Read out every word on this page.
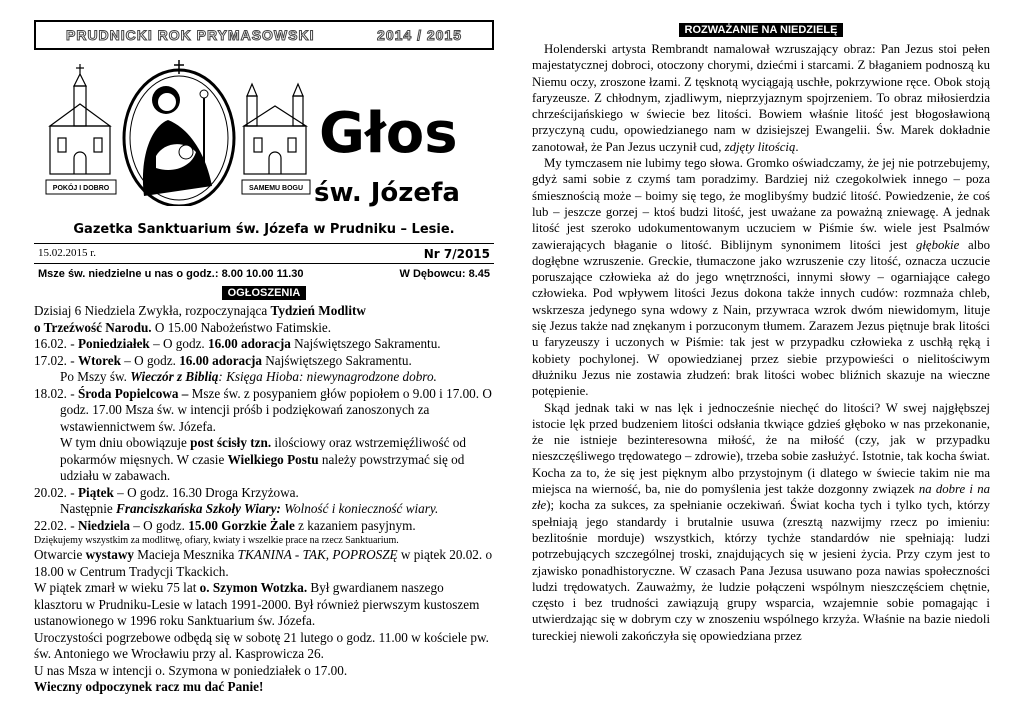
PRUDNICKI ROK PRYMASOWSKI	2014 / 2015
POKÓJ I DOBRO	SAMEMU BOGU
Głos
św. Józefa
Gazetka Sanktuarium św. Józefa w Prudniku – Lesie.
15.02.2015 r.	Nr 7/2015
Msze św. niedzielne u nas o godz.: 8.00 10.00 11.30	W Dębowcu: 8.45
OGŁOSZENIA

Dzisiaj 6 Niedziela Zwykła, rozpoczynająca Tydzień Modlitw
o Trzeźwość Narodu. O 15.00 Nabożeństwo Fatimskie.

16.02. - Poniedziałek – O godz. 16.00 adoracja Najświętszego Sakramentu.

17.02. - Wtorek – O godz. 16.00 adoracja Najświętszego Sakramentu.

Po Mszy św. Wieczór z Biblią: Księga Hioba: niewynagrodzone dobro.

18.02. - Środa Popielcowa – Msze św. z posypaniem głów popiołem o 9.00 i 17.00. O godz. 17.00 Msza św. w intencji próśb i podziękowań zanoszonych za wstawiennictwem św. Józefa.

W tym dniu obowiązuje post ścisły tzn. ilościowy oraz wstrzemięźliwość od pokarmów mięsnych. W czasie Wielkiego Postu należy powstrzymać się od udziału w zabawach.

20.02. - Piątek – O godz. 16.30 Droga Krzyżowa.

Następnie Franciszkańska Szkoły Wiary: Wolność i konieczność wiary.

22.02. - Niedziela – O godz. 15.00 Gorzkie Żale z kazaniem pasyjnym.

Dziękujemy wszystkim za modlitwę, ofiary, kwiaty i wszelkie prace na rzecz Sanktuarium.

Otwarcie wystawy Macieja Mesznika TKANINA - TAK, POPROSZĘ w piątek 20.02. o 18.00 w Centrum Tradycji Tkackich.

W piątek zmarł w wieku 75 lat o. Szymon Wotzka. Był gwardianem naszego klasztoru w Prudniku-Lesie w latach 1991-2000. Był również pierwszym kustoszem ustanowionego w 1996 roku Sanktuarium św. Józefa.

Uroczystości pogrzebowe odbędą się w sobotę 21 lutego o godz. 11.00 w kościele pw. św. Antoniego we Wrocławiu przy al. Kasprowicza 26.

U nas Msza w intencji o. Szymona w poniedziałek o 17.00.

Wieczny odpoczynek racz mu dać Panie!

ROZWAŻANIE NA NIEDZIELĘ

Holenderski artysta Rembrandt namalował wzruszający obraz: Pan Jezus stoi pełen majestatycznej dobroci, otoczony chorymi, dziećmi i starcami. Z błaganiem podnoszą ku Niemu oczy, zroszone łzami. Z tęsknotą wyciągają uschłe, pokrzywione ręce. Obok stoją faryzeusze. Z chłodnym, zjadliwym, nieprzyjaznym spojrzeniem. To obraz miłosierdzia chrześcijańskiego w świecie bez litości. Bowiem właśnie litość jest błogosławioną przyczyną cudu, opowiedzianego nam w dzisiejszej Ewangelii. Św. Marek dokładnie zanotował, że Pan Jezus uczynił cud, zdjęty litością.

My tymczasem nie lubimy tego słowa. Gromko oświadczamy, że jej nie potrzebujemy, gdyż sami sobie z czymś tam poradzimy. Bardziej niż czegokolwiek innego – poza śmiesznością może – boimy się tego, że moglibyśmy budzić litość. Powiedzenie, że coś lub – jeszcze gorzej – ktoś budzi litość, jest uważane za poważną zniewagę. A jednak litość jest szeroko udokumentowanym uczuciem w Piśmie św. wiele jest Psalmów zawierających błaganie o litość. Biblijnym synonimem litości jest głębokie albo dogłębne wzruszenie. Greckie, tłumaczone jako wzruszenie czy litość, oznacza uczucie poruszające człowieka aż do jego wnętrzności, innymi słowy – ogarniające całego człowieka. Pod wpływem litości Jezus dokona także innych cudów: rozmnaża chleb, wskrzesza jedynego syna wdowy z Nain, przywraca wzrok dwóm niewidomym, lituje się Jezus także nad znękanym i porzuconym tłumem. Zarazem Jezus piętnuje brak litości u faryzeuszy i uczonych w Piśmie: tak jest w przypadku człowieka z uschłą ręką i kobiety pochylonej. W opowiedzianej przez siebie przypowieści o nielitościwym dłużniku Jezus nie zostawia złudzeń: brak litości wobec bliźnich skazuje na wieczne potępienie.

Skąd jednak taki w nas lęk i jednocześnie niechęć do litości? W swej najgłębszej istocie lęk przed budzeniem litości odsłania tkwiące gdzieś głęboko w nas przekonanie, że nie istnieje bezinteresowna miłość, że na miłość (czy, jak w przypadku nieszczęśliwego trędowatego – zdrowie), trzeba sobie zasłużyć. Istotnie, tak kocha świat. Kocha za to, że się jest pięknym albo przystojnym (i dlatego w świecie takim nie ma miejsca na wierność, ba, nie do pomyślenia jest także dozgonny związek na dobre i na złe); kocha za sukces, za spełnianie oczekiwań. Świat kocha tych i tylko tych, którzy spełniają jego standardy i brutalnie usuwa (zresztą nazwijmy rzecz po imieniu: bezlitośnie morduje) wszystkich, którzy tychże standardów nie spełniają: ludzi potrzebujących szczególnej troski, znajdujących się w jesieni życia. Przy czym jest to zjawisko ponadhistoryczne. W czasach Pana Jezusa usuwano poza nawias społeczności ludzi trędowatych. Zauważmy, że ludzie połączeni wspólnym nieszczęściem chętnie, często i bez trudności zawiązują grupy wsparcia, wzajemnie sobie pomagając i utwierdzając się w dobrym czy w znoszeniu wspólnego krzyża. Właśnie na bazie niedoli tureckiej niewoli zakończyła się opowiedziana przez
